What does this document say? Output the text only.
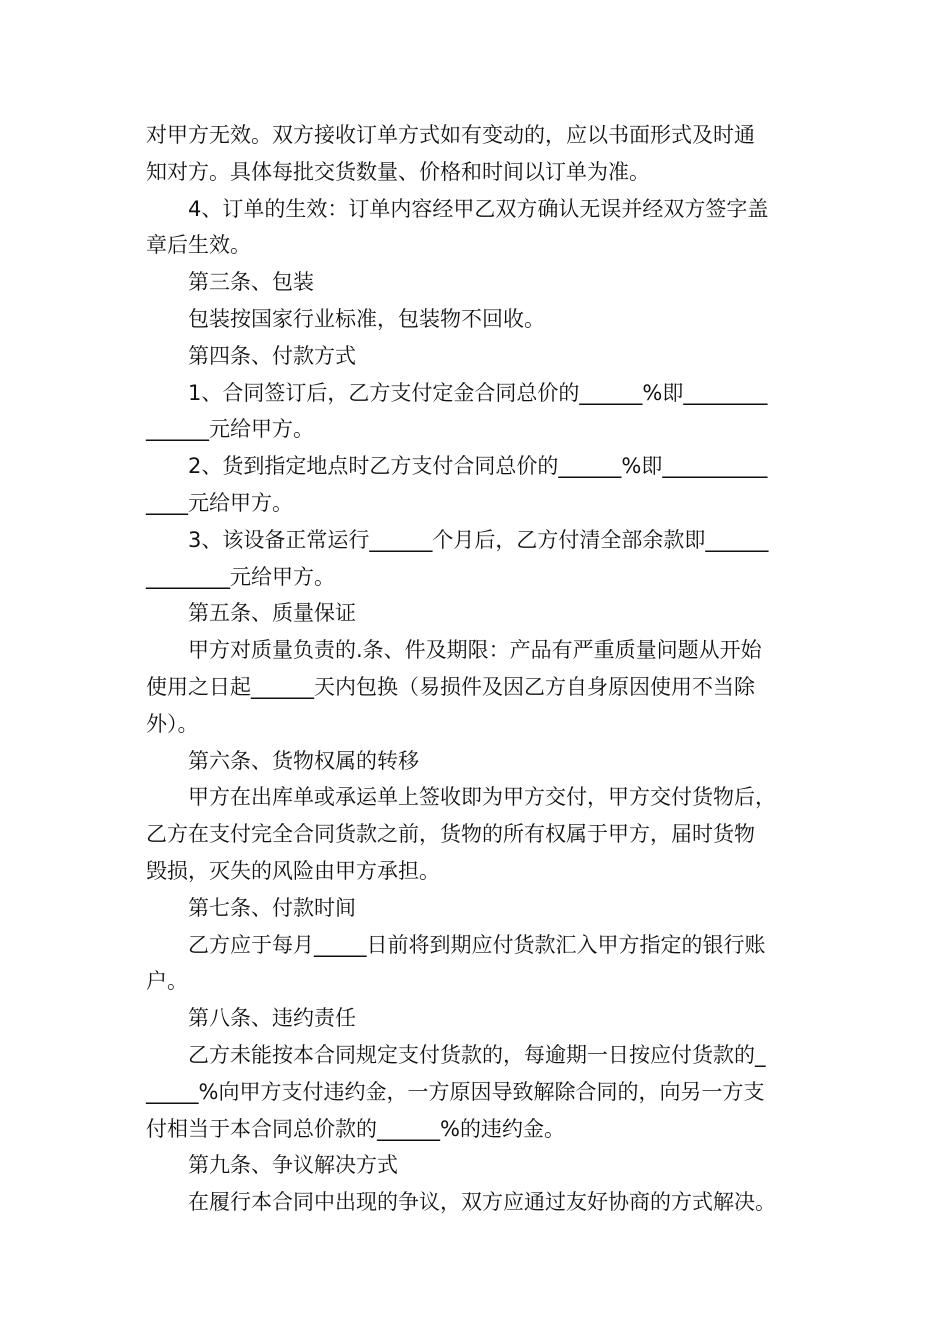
对甲方无效。双方接收订单方式如有变动的，应以书面形式及时通

知对方。具体每批交货数量、价格和时间以订单为准。

4、订单的生效：订单内容经甲乙双方确认无误并经双方签字盖

章后生效。

第三条、包装

包装按国家行业标准，包装物不回收。

第四条、付款方式

1、合同签订后，乙方支付定金合同总价的______%即________

______元给甲方。

2、货到指定地点时乙方支付合同总价的______%即__________

____元给甲方。

3、该设备正常运行______个月后，乙方付清全部余款即______

________元给甲方。

第五条、质量保证

甲方对质量负责的.条、件及期限：产品有严重质量问题从开始

使用之日起______天内包换（易损件及因乙方自身原因使用不当除

外）。

第六条、货物权属的转移

甲方在出库单或承运单上签收即为甲方交付，甲方交付货物后，

乙方在支付完全合同货款之前，货物的所有权属于甲方，届时货物

毁损，灭失的风险由甲方承担。

第七条、付款时间

乙方应于每月_____日前将到期应付货款汇入甲方指定的银行账

户。

第八条、违约责任

乙方未能按本合同规定支付货款的，每逾期一日按应付货款的_

_____%向甲方支付违约金，一方原因导致解除合同的，向另一方支

付相当于本合同总价款的______%的违约金。

第九条、争议解决方式

在履行本合同中出现的争议，双方应通过友好协商的方式解决。
